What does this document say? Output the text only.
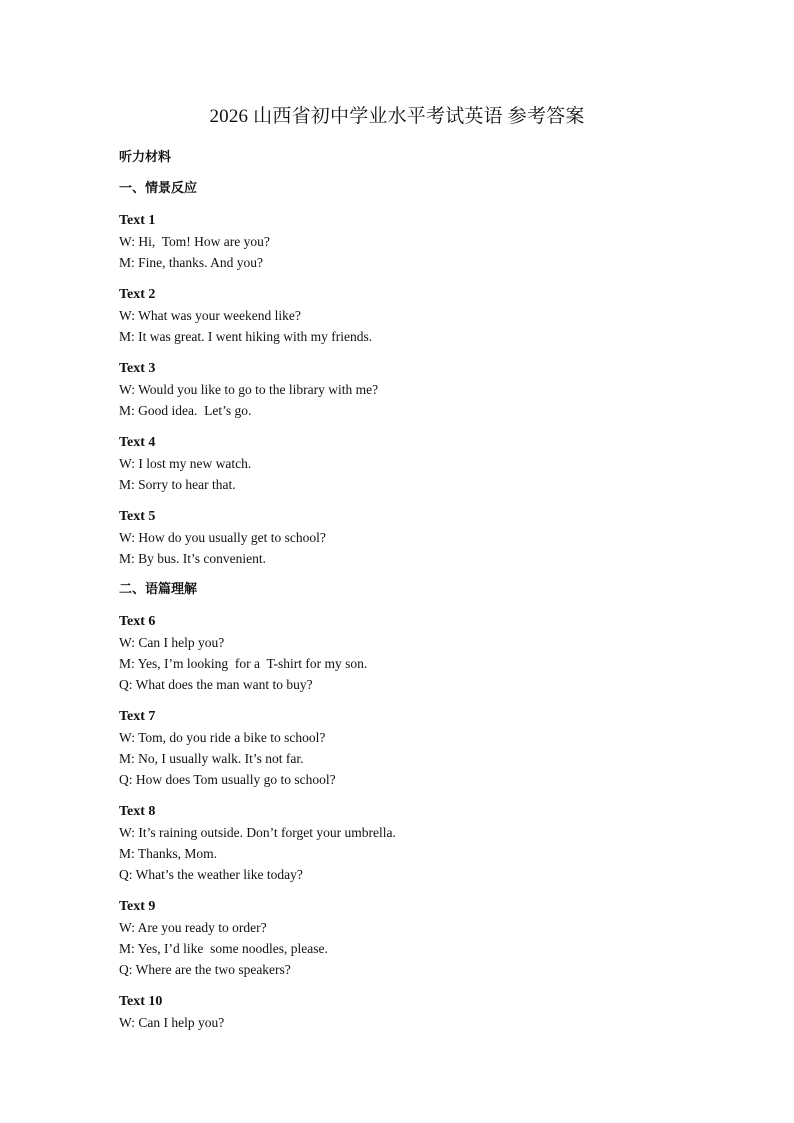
2026 山西省初中学业水平考试英语 参考答案
听力材料
一、情景反应
Text 1
W: Hi,  Tom! How are you?
M: Fine, thanks. And you?
Text 2
W: What was your weekend like?
M: It was great. I went hiking with my friends.
Text 3
W: Would you like to go to the library with me?
M: Good idea.  Let’s go.
Text 4
W: I lost my new watch.
M: Sorry to hear that.
Text 5
W: How do you usually get to school?
M: By bus. It’s convenient.
二、语篇理解
Text 6
W: Can I help you?
M: Yes, I’m looking  for a  T-shirt for my son.
Q: What does the man want to buy?
Text 7
W: Tom, do you ride a bike to school?
M: No, I usually walk. It’s not far.
Q: How does Tom usually go to school?
Text 8
W: It’s raining outside. Don’t forget your umbrella.
M: Thanks, Mom.
Q: What’s the weather like today?
Text 9
W: Are you ready to order?
M: Yes, I’d like  some noodles, please.
Q: Where are the two speakers?
Text 10
W: Can I help you?
